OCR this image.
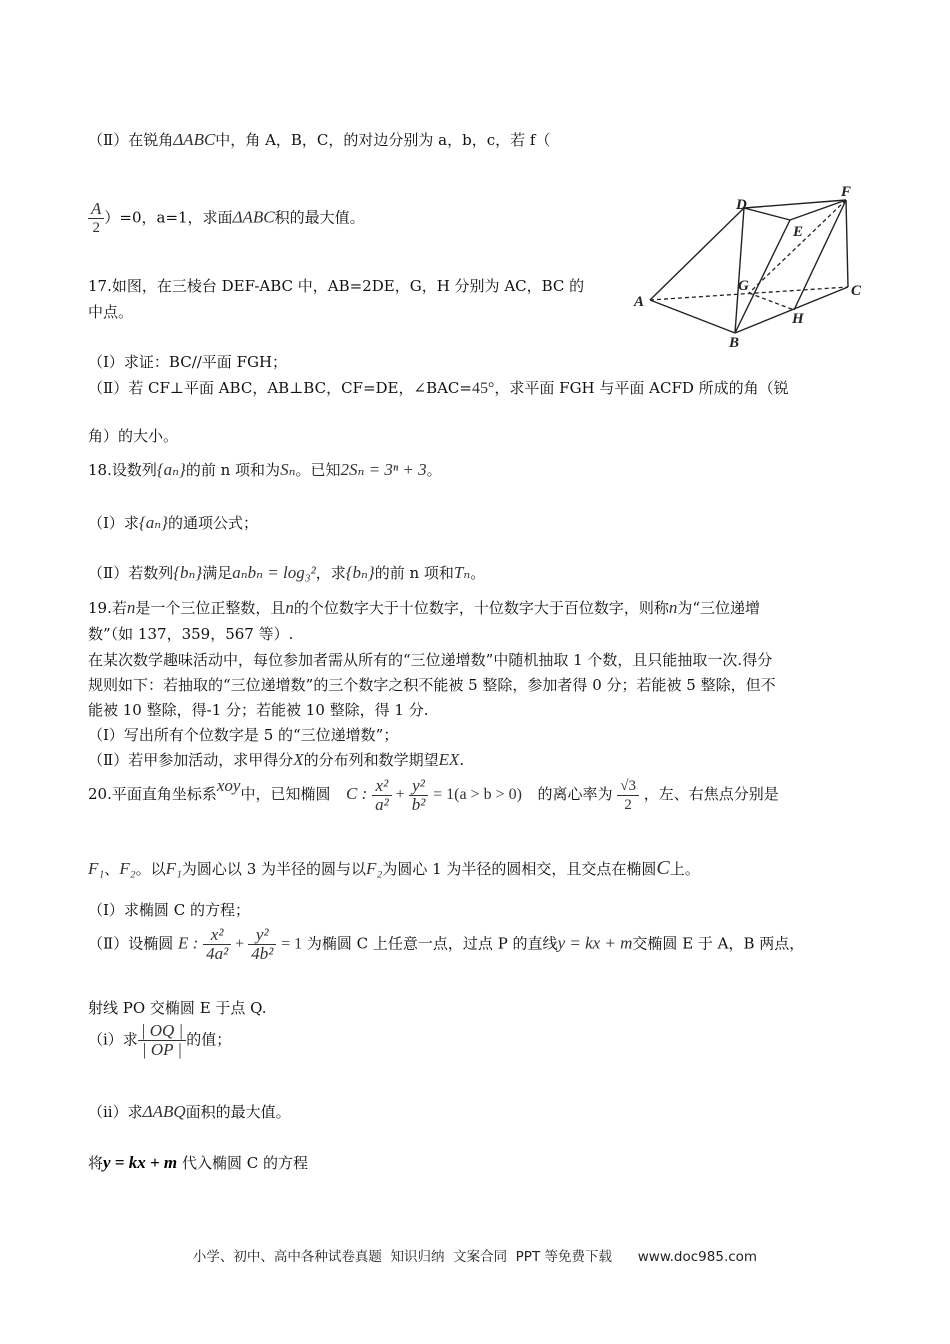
（Ⅱ）在锐角ΔABC中，角 A，B，C，的对边分别为 a，b，c，若 f（
$\frac{A}{2} )=0$，a=1，求面ΔABC积的最大值。
17.如图，在三棱台 DEF-ABC 中，AB=2DE，G，H 分别为 AC，BC 的
中点。
（Ⅰ）求证：BC//平面 FGH；
（Ⅱ）若 CF⊥平面 ABC，AB⊥BC，CF=DE，∠BAC=45°，求平面 FGH 与平面 ACFD 所成的角（锐
角）的大小。
D
F
E
G
A
C
H
B
18.设数列{aₙ}的前 n 项和为Sₙ。已知2Sₙ = 3ⁿ + 3。
（Ⅰ）求{aₙ}的通项公式；
（Ⅱ）若数列{bₙ}满足aₙbₙ = log₃²，求{bₙ}的前 n 项和Tₙ。
19.若n是一个三位正整数，且n的个位数字大于十位数字，十位数字大于百位数字，则称n为“三位递增
数”（如 137，359，567 等）.
在某次数学趣味活动中，每位参加者需从所有的“三位递增数”中随机抽取 1 个数，且只能抽取一次.得分
规则如下：若抽取的“三位递增数”的三个数字之积不能被 5 整除，参加者得 0 分；若能被 5 整除，但不
能被 10 整除，得-1 分；若能被 10 整除，得 1 分.
（Ⅰ）写出所有个位数字是 5 的“三位递增数”；
（Ⅱ）若甲参加活动，求甲得分X的分布列和数学期望EX.
20.平面直角坐标系xoy中，已知椭圆 C : $\frac{\text{x²}}{\text{a²}} + \frac{\text{y²}}{\text{b²}} = 1(a > b > 0)$ 的离心率为 $\frac{√3}{2}$ ，左、右焦点分别是
F₁、F₂。以F₁为圆心以 3 为半径的圆与以F₂为圆心 1 为半径的圆相交，且交点在椭圆C上。
（Ⅰ）求椭圆 C 的方程；
（Ⅱ）设椭圆 E : $\frac{\text{x²}}{\text{4a²}} + \frac{\text{y²}}{\text{4b²}} = 1$ 为椭圆 C 上任意一点，过点 P 的直线y = kx + m交椭圆 E 于 A，B 两点，
射线 PO 交椭圆 E 于点 Q.
（i）求 $\frac{| OQ |}{| OP |}$ 的值；
（ii）求ΔABQ面积的最大值。
将y = kx + m 代入椭圆 C 的方程
小学、初中、高中各种试卷真题  知识归纳  文案合同  PPT 等免费下载 www.doc985.com
